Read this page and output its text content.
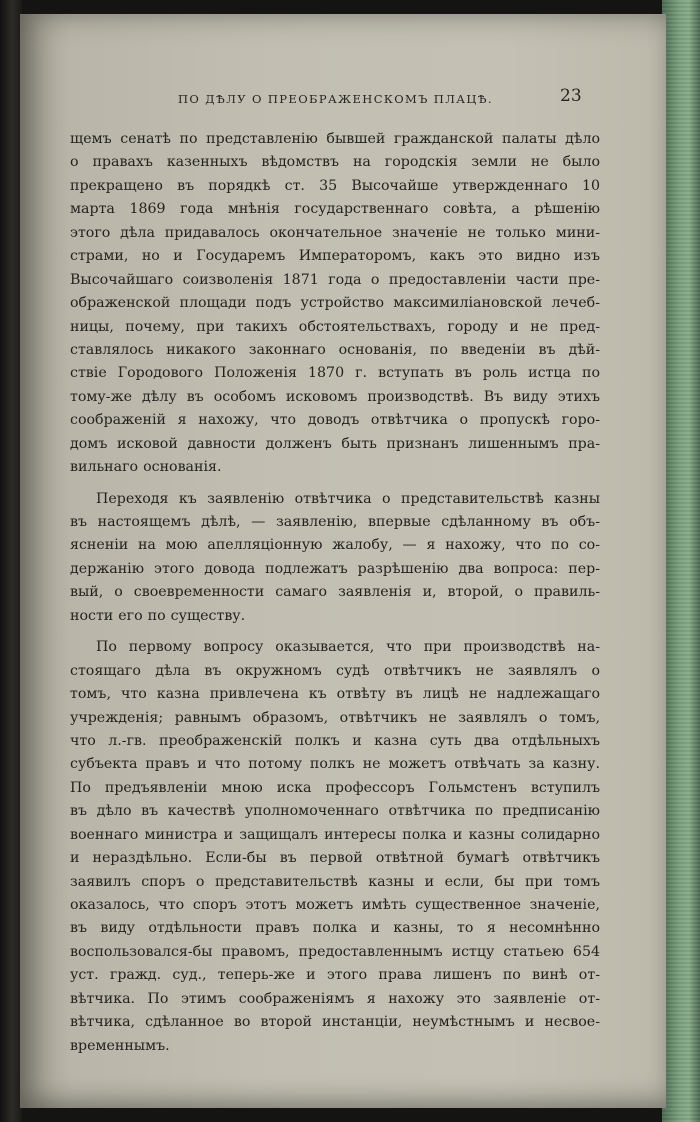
ПО ДѢЛУ О ПРЕОБРАЖЕНСКОМЪ ПЛАЦѢ.	23
щемъ сенатѣ по представленію бывшей гражданской палаты дѣло
о правахъ казенныхъ вѣдомствъ на городскія земли не было
прекращено въ порядкѣ ст. 35 Высочайше утвержденнаго 10
марта 1869 года мнѣнія государственнаго совѣта, а рѣшенію
этого дѣла придавалось окончательное значеніе не только мини-
страми, но и Государемъ Императоромъ, какъ это видно изъ
Высочайшаго соизволенія 1871 года о предоставленіи части пре-
ображенской площади подъ устройство максимиліановской лечеб-
ницы, почему, при такихъ обстоятельствахъ, городу и не пред-
ставлялось никакого законнаго основанія, по введеніи въ дѣй-
ствіе Городового Положенія 1870 г. вступать въ роль истца по
тому-же дѣлу въ особомъ исковомъ производствѣ. Въ виду этихъ
соображеній я нахожу, что доводъ отвѣтчика о пропускѣ горо-
домъ исковой давности долженъ быть признанъ лишеннымъ пра-
вильнаго основанія.
Переходя къ заявленію отвѣтчика о представительствѣ казны
въ настоящемъ дѣлѣ, — заявленію, впервые сдѣланному въ объ-
ясненіи на мою апелляціонную жалобу, — я нахожу, что по со-
держанію этого довода подлежатъ разрѣшенію два вопроса: пер-
вый, о своевременности самаго заявленія и, второй, о правиль-
ности его по существу.
По первому вопросу оказывается, что при производствѣ на-
стоящаго дѣла въ окружномъ судѣ отвѣтчикъ не заявлялъ о
томъ, что казна привлечена къ отвѣту въ лицѣ не надлежащаго
учрежденія; равнымъ образомъ, отвѣтчикъ не заявлялъ о томъ,
что л.-гв. преображенскій полкъ и казна суть два отдѣльныхъ
субъекта правъ и что потому полкъ не можетъ отвѣчать за казну.
По предъявленіи мною иска профессоръ Гольмстенъ вступилъ
въ дѣло въ качествѣ уполномоченнаго отвѣтчика по предписанію
военнаго министра и защищалъ интересы полка и казны солидарно
и нераздѣльно. Если-бы въ первой отвѣтной бумагѣ отвѣтчикъ
заявилъ споръ о представительствѣ казны и если, бы при томъ
оказалось, что споръ этотъ можетъ имѣть существенное значеніе,
въ виду отдѣльности правъ полка и казны, то я несомнѣнно
воспользовался-бы правомъ, предоставленнымъ истцу статьею 654
уст. гражд. суд., теперь-же и этого права лишенъ по винѣ от-
вѣтчика. По этимъ соображеніямъ я нахожу это заявленіе от-
вѣтчика, сдѣланное во второй инстанціи, неумѣстнымъ и несвое-
временнымъ.
